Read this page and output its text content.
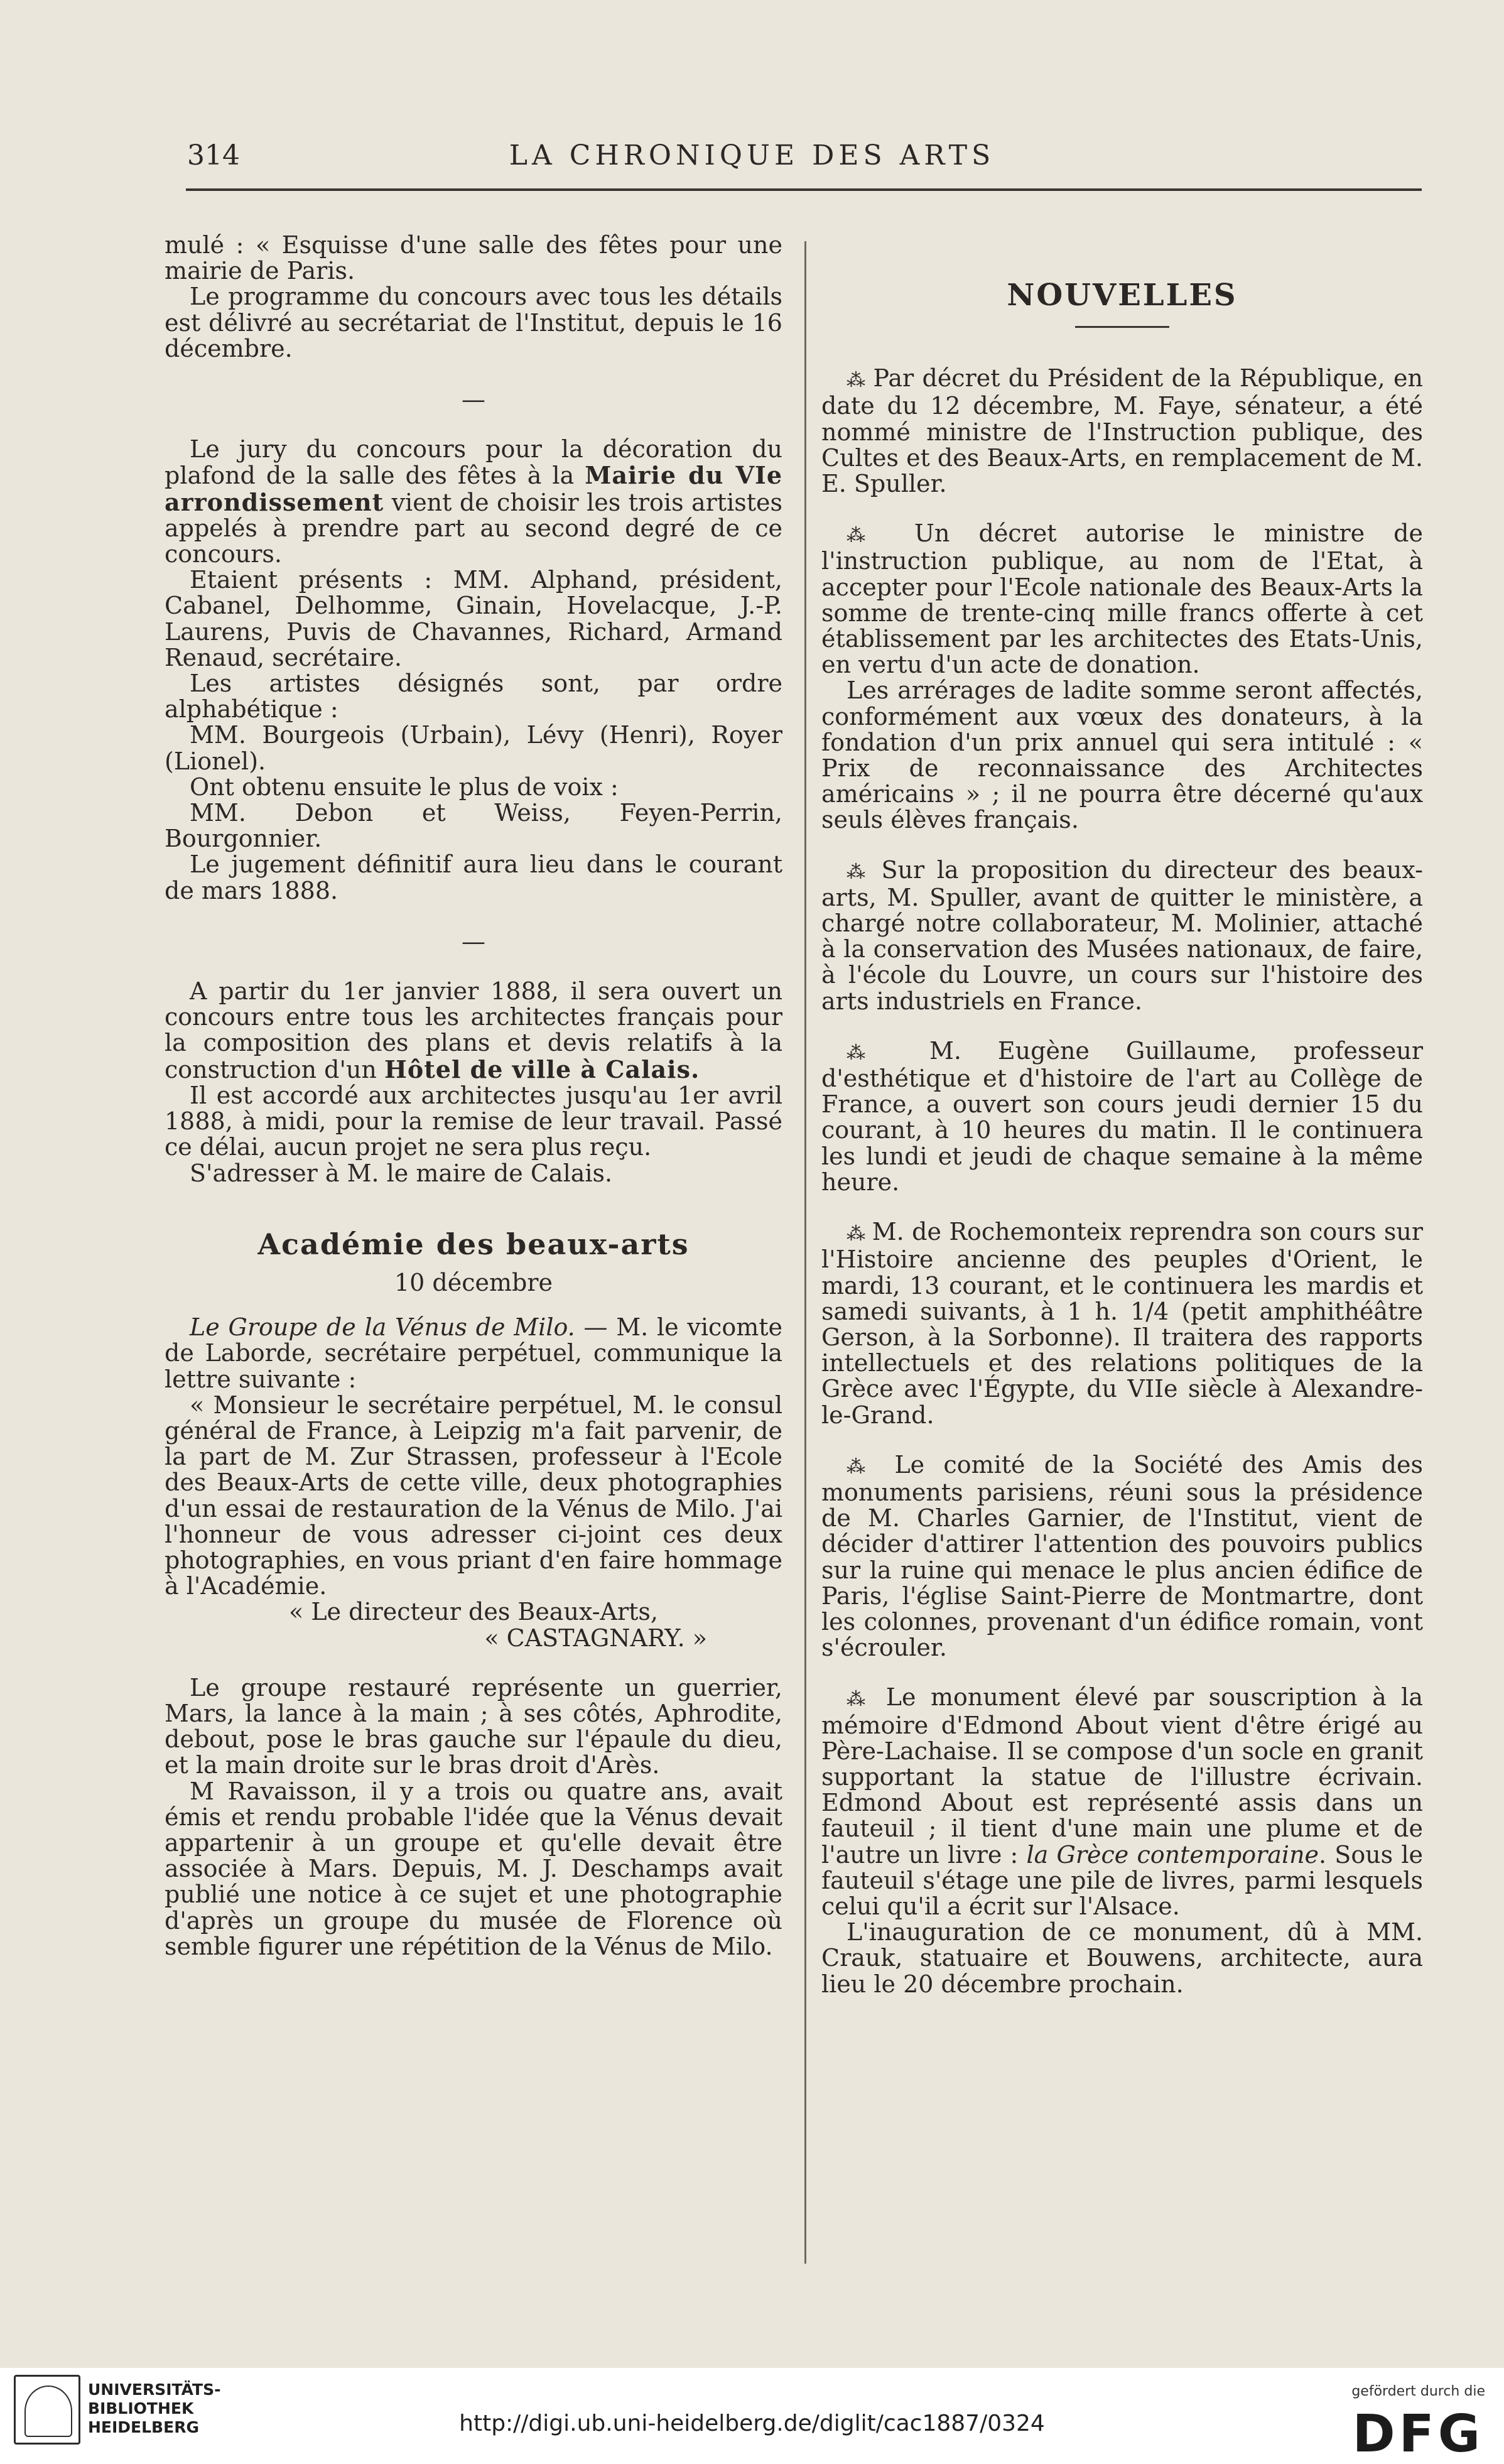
314	LA CHRONIQUE DES ARTS

mulé : « Esquisse d'une salle des fêtes pour une mairie de Paris.

Le programme du concours avec tous les détails est délivré au secrétariat de l'Institut, depuis le 16 décembre.

—

Le jury du concours pour la décoration du plafond de la salle des fêtes à la Mairie du VIe arrondissement vient de choisir les trois artistes appelés à prendre part au second degré de ce concours.

Etaient présents : MM. Alphand, président, Cabanel, Delhomme, Ginain, Hovelacque, J.-P. Laurens, Puvis de Chavannes, Richard, Armand Renaud, secrétaire.

Les artistes désignés sont, par ordre alphabétique :

MM. Bourgeois (Urbain), Lévy (Henri), Royer (Lionel).

Ont obtenu ensuite le plus de voix :

MM. Debon et Weiss, Feyen-Perrin, Bourgonnier.

Le jugement définitif aura lieu dans le courant de mars 1888.

—

A partir du 1er janvier 1888, il sera ouvert un concours entre tous les architectes français pour la composition des plans et devis relatifs à la construction d'un Hôtel de ville à Calais.

Il est accordé aux architectes jusqu'au 1er avril 1888, à midi, pour la remise de leur travail. Passé ce délai, aucun projet ne sera plus reçu.

S'adresser à M. le maire de Calais.

Académie des beaux-arts
10 décembre

Le Groupe de la Vénus de Milo. — M. le vicomte de Laborde, secrétaire perpétuel, communique la lettre suivante :

« Monsieur le secrétaire perpétuel, M. le consul général de France, à Leipzig m'a fait parvenir, de la part de M. Zur Strassen, professeur à l'Ecole des Beaux-Arts de cette ville, deux photographies d'un essai de restauration de la Vénus de Milo. J'ai l'honneur de vous adresser ci-joint ces deux photographies, en vous priant d'en faire hommage à l'Académie.

« Le directeur des Beaux-Arts,

« CASTAGNARY. »

Le groupe restauré représente un guerrier, Mars, la lance à la main ; à ses côtés, Aphrodite, debout, pose le bras gauche sur l'épaule du dieu, et la main droite sur le bras droit d'Arès.

M Ravaisson, il y a trois ou quatre ans, avait émis et rendu probable l'idée que la Vénus devait appartenir à un groupe et qu'elle devait être associée à Mars. Depuis, M. J. Deschamps avait publié une notice à ce sujet et une photographie d'après un groupe du musée de Florence où semble figurer une répétition de la Vénus de Milo.

NOUVELLES

⁂ Par décret du Président de la République, en date du 12 décembre, M. Faye, sénateur, a été nommé ministre de l'Instruction publique, des Cultes et des Beaux-Arts, en remplacement de M. E. Spuller.

⁂ Un décret autorise le ministre de l'instruction publique, au nom de l'Etat, à accepter pour l'Ecole nationale des Beaux-Arts la somme de trente-cinq mille francs offerte à cet établissement par les architectes des Etats-Unis, en vertu d'un acte de donation.

Les arrérages de ladite somme seront affectés, conformément aux vœux des donateurs, à la fondation d'un prix annuel qui sera intitulé : « Prix de reconnaissance des Architectes américains » ; il ne pourra être décerné qu'aux seuls élèves français.

⁂ Sur la proposition du directeur des beaux-arts, M. Spuller, avant de quitter le ministère, a chargé notre collaborateur, M. Molinier, attaché à la conservation des Musées nationaux, de faire, à l'école du Louvre, un cours sur l'histoire des arts industriels en France.

⁂ M. Eugène Guillaume, professeur d'esthétique et d'histoire de l'art au Collège de France, a ouvert son cours jeudi dernier 15 du courant, à 10 heures du matin. Il le continuera les lundi et jeudi de chaque semaine à la même heure.

⁂ M. de Rochemonteix reprendra son cours sur l'Histoire ancienne des peuples d'Orient, le mardi, 13 courant, et le continuera les mardis et samedi suivants, à 1 h. 1/4 (petit amphithéâtre Gerson, à la Sorbonne). Il traitera des rapports intellectuels et des relations politiques de la Grèce avec l'Égypte, du VIIe siècle à Alexandre-le-Grand.

⁂ Le comité de la Société des Amis des monuments parisiens, réuni sous la présidence de M. Charles Garnier, de l'Institut, vient de décider d'attirer l'attention des pouvoirs publics sur la ruine qui menace le plus ancien édifice de Paris, l'église Saint-Pierre de Montmartre, dont les colonnes, provenant d'un édifice romain, vont s'écrouler.

⁂ Le monument élevé par souscription à la mémoire d'Edmond About vient d'être érigé au Père-Lachaise. Il se compose d'un socle en granit supportant la statue de l'illustre écrivain. Edmond About est représenté assis dans un fauteuil ; il tient d'une main une plume et de l'autre un livre : la Grèce contemporaine. Sous le fauteuil s'étage une pile de livres, parmi lesquels celui qu'il a écrit sur l'Alsace.

L'inauguration de ce monument, dû à MM. Crauk, statuaire et Bouwens, architecte, aura lieu le 20 décembre prochain.

UNIVERSITÄTS-
BIBLIOTHEK
HEIDELBERG	http://digi.ub.uni-heidelberg.de/diglit/cac1887/0324
gefördert durch die
DFG
